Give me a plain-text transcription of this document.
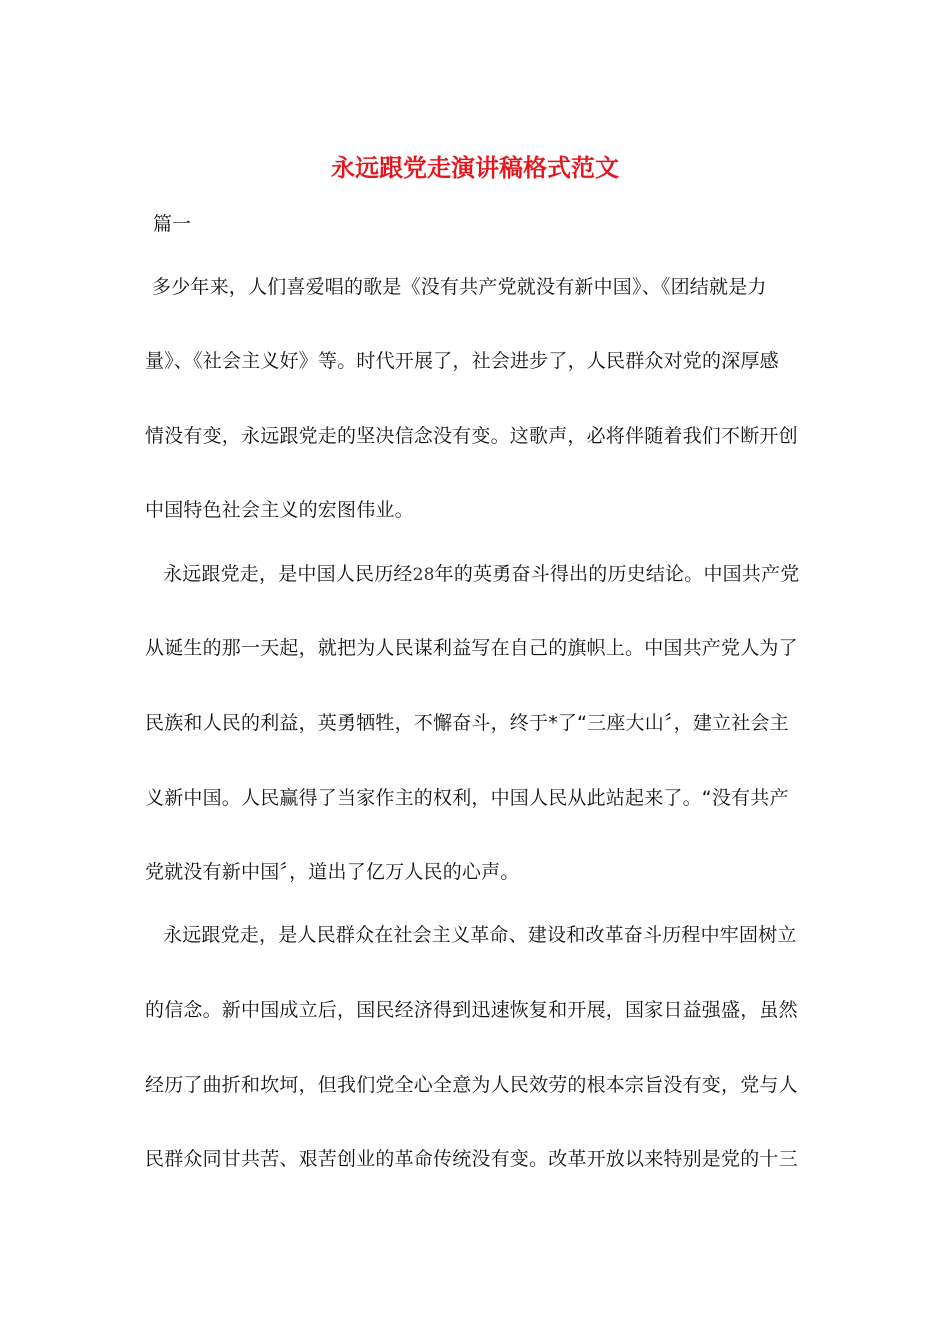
永远跟党走演讲稿格式范文
篇一
多少年来，人们喜爱唱的歌是《没有共产党就没有新中国》、《团结就是力
量》、《社会主义好》等。时代开展了，社会进步了，人民群众对党的深厚感
情没有变，永远跟党走的坚决信念没有变。这歌声，必将伴随着我们不断开创
中国特色社会主义的宏图伟业。
永远跟党走，是中国人民历经28年的英勇奋斗得出的历史结论。中国共产党
从诞生的那一天起，就把为人民谋利益写在自己的旗帜上。中国共产党人为了
民族和人民的利益，英勇牺牲，不懈奋斗，终于*了“三座大山〞，建立社会主
义新中国。人民赢得了当家作主的权利，中国人民从此站起来了。“没有共产
党就没有新中国〞，道出了亿万人民的心声。
永远跟党走，是人民群众在社会主义革命、建设和改革奋斗历程中牢固树立
的信念。新中国成立后，国民经济得到迅速恢复和开展，国家日益强盛，虽然
经历了曲折和坎坷，但我们党全心全意为人民效劳的根本宗旨没有变，党与人
民群众同甘共苦、艰苦创业的革命传统没有变。改革开放以来特别是党的十三
